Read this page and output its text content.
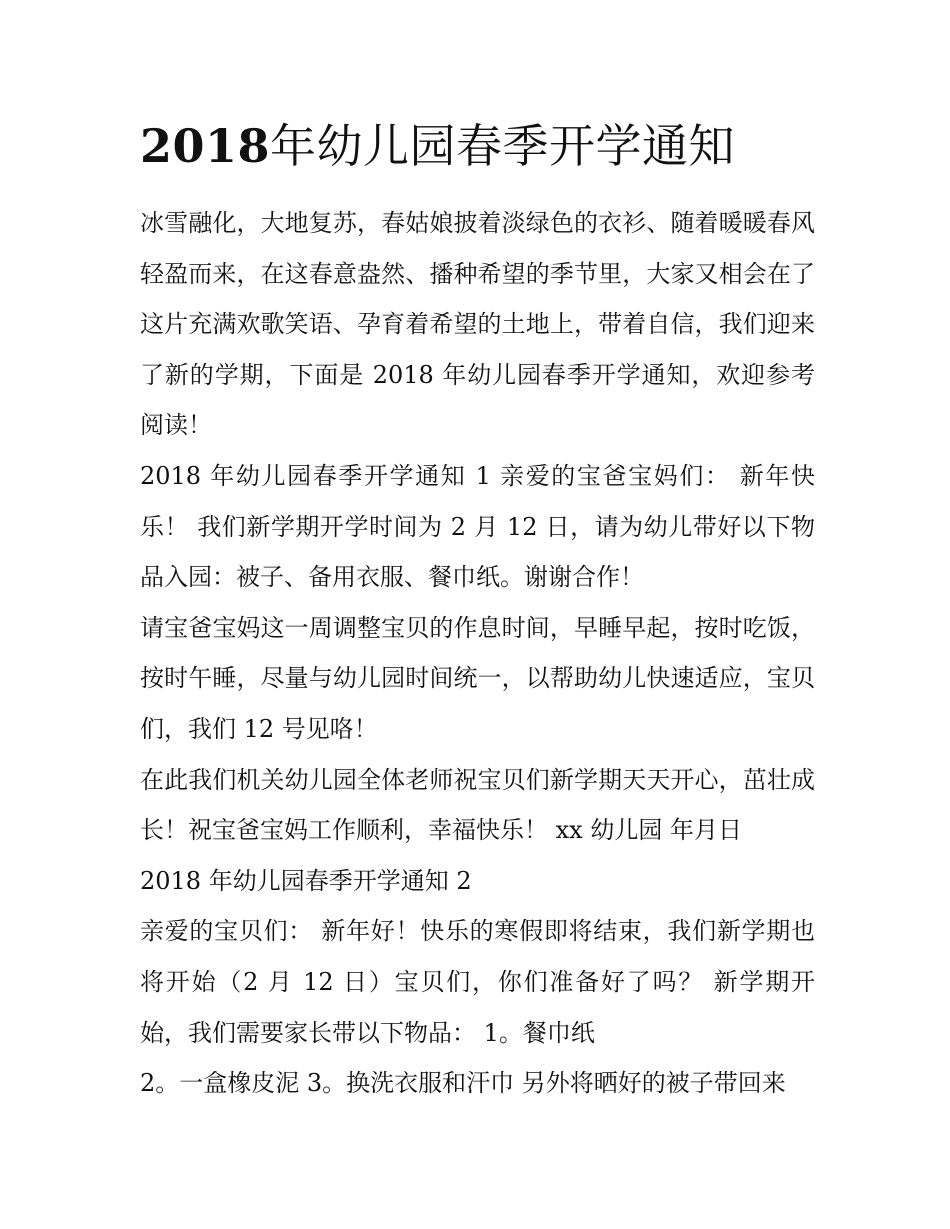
2018年幼儿园春季开学通知

冰雪融化，大地复苏，春姑娘披着淡绿色的衣衫、随着暖暖春风轻盈而来，在这春意盎然、播种希望的季节里，大家又相会在了这片充满欢歌笑语、孕育着希望的土地上，带着自信，我们迎来了新的学期，下面是 2018 年幼儿园春季开学通知，欢迎参考阅读！

2018 年幼儿园春季开学通知 1 亲爱的宝爸宝妈们： 新年快乐！ 我们新学期开学时间为 2 月 12 日，请为幼儿带好以下物品入园：被子、备用衣服、餐巾纸。谢谢合作！

请宝爸宝妈这一周调整宝贝的作息时间，早睡早起，按时吃饭，按时午睡，尽量与幼儿园时间统一，以帮助幼儿快速适应，宝贝们，我们 12 号见咯！

在此我们机关幼儿园全体老师祝宝贝们新学期天天开心，茁壮成长！祝宝爸宝妈工作顺利，幸福快乐！ xx 幼儿园 年月日

2018 年幼儿园春季开学通知 2

亲爱的宝贝们： 新年好！快乐的寒假即将结束，我们新学期也将开始（2 月 12 日）宝贝们，你们准备好了吗？ 新学期开始，我们需要家长带以下物品： 1。餐巾纸

2。一盒橡皮泥 3。换洗衣服和汗巾 另外将晒好的被子带回来
